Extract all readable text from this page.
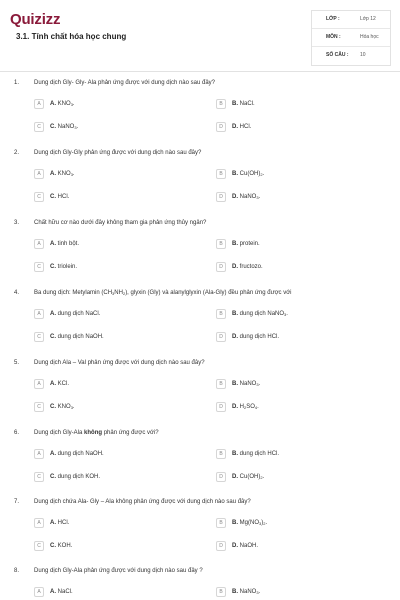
Quizizz
3.1. Tính chất hóa học chung
LỚP :	Lớp 12
MÔN :	Hóa học
SỐ CÂU : 10
1. Dung dịch Gly- Gly- Ala phản ứng được với dung dịch nào sau đây?
A	A. $KNO_3$.	B	B. NaCl.
C	C. NaNO$_3$.	D	D. HCl.
2. Dung dịch Gly-Gly phản ứng được với dung dịch nào sau đây?
A	A. $KNO_3$.	B	B. $Cu(OH)_2$.
C	C. HCl.	D	D. NaNO$_3$.
3. Chất hữu cơ nào dưới đây không tham gia phản ứng thủy ngân?
A	A. tinh bột.	B	B. protein.
C	C. triolein.	D	D. fructozo.
4. Ba dung dịch: Metylamin $(CH_3NH_2)$, glyxin (Gly) và alanylglyxin (Ala-Gly) đều phản ứng được với
A	A. dung dịch NaCl.	B	B. dung dịch NaNO$_3$.
C	C. dung dịch NaOH.	D	D. dung dịch HCl.
5. Dung dịch Ala – Val phản ứng được với dung dịch nào sau đây?
A	A. KCl.	B	B. NaNO$_3$.
C	C. $KNO_3$.	D	D. $H_2SO_4$.
6. Dung dịch Gly-Ala không phản ứng được với?
A	A. dung dịch NaOH.	B	B. dung dịch HCl.
C	C. dung dịch KOH.	D	D. $Cu(OH)_2$.
7. Dung dịch chứa Ala- Gly – Ala không phản ứng được với dung dịch nào sau đây?
A	A. HCl.	B	B. $Mg(NO_3)_2$.
C	C. KOH.	D	D. NaOH.
8. Dung dịch Gly-Ala phản ứng được với dung dịch nào sau đây ?
A	A. NaCl.	B	B. NaNO$_3$.
